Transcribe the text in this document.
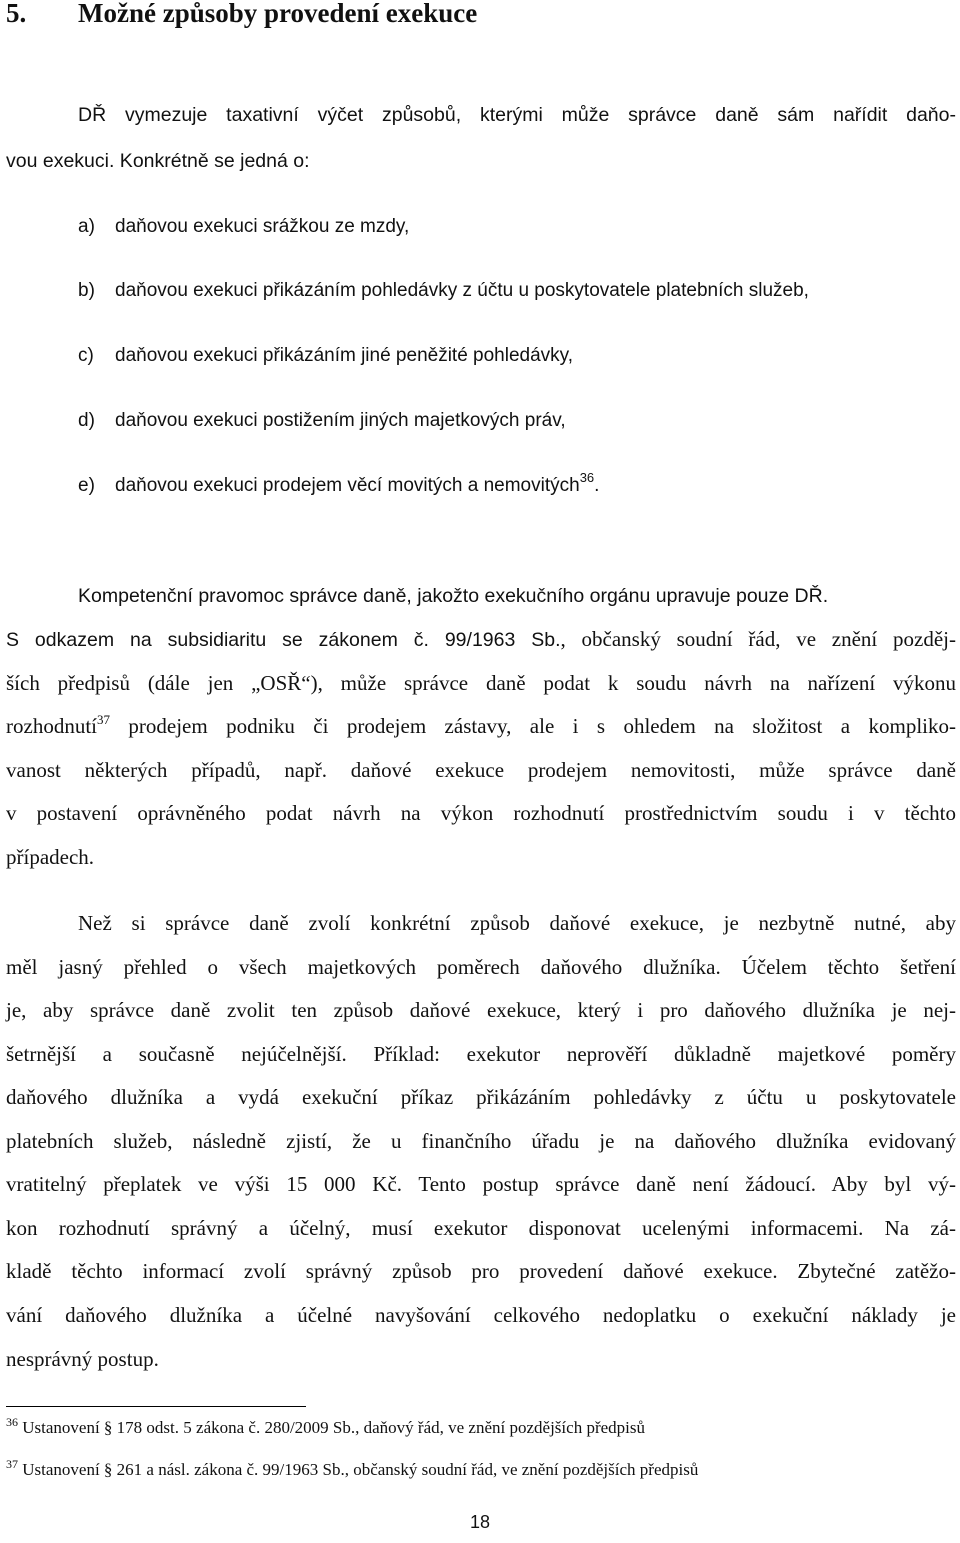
5. Možné způsoby provedení exekuce
DŘ vymezuje taxativní výčet způsobů, kterými může správce daně sám nařídit daňo-
vou exekuci. Konkrétně se jedná o:
a) daňovou exekuci srážkou ze mzdy,
b) daňovou exekuci přikázáním pohledávky z účtu u poskytovatele platebních služeb,
c) daňovou exekuci přikázáním jiné peněžité pohledávky,
d) daňovou exekuci postižením jiných majetkových práv,
e) daňovou exekuci prodejem věcí movitých a nemovitých$^{36}$.
Kompetenční pravomoc správce daně, jakožto exekučního orgánu upravuje pouze DŘ.
S odkazem na subsidiaritu se zákonem č. 99/1963 Sb., občanský soudní řád, ve znění pozděj-
ších předpisů (dále jen „OSŘ“), může správce daně podat k soudu návrh na nařízení výkonu
rozhodnutí$^{37}$ prodejem podniku či prodejem zástavy, ale i s ohledem na složitost a kompliko-
vanost některých případů, např. daňové exekuce prodejem nemovitosti, může správce daně
v postavení oprávněného podat návrh na výkon rozhodnutí prostřednictvím soudu i v těchto
případech.
Než si správce daně zvolí konkrétní způsob daňové exekuce, je nezbytně nutné, aby
měl jasný přehled o všech majetkových poměrech daňového dlužníka. Účelem těchto šetření
je, aby správce daně zvolit ten způsob daňové exekuce, který i pro daňového dlužníka je nej-
šetrnější a současně nejúčelnější. Příklad: exekutor neprověří důkladně majetkové poměry
daňového dlužníka a vydá exekuční příkaz přikázáním pohledávky z účtu u poskytovatele
platebních služeb, následně zjistí, že u finančního úřadu je na daňového dlužníka evidovaný
vratitelný přeplatek ve výši 15 000 Kč. Tento postup správce daně není žádoucí. Aby byl vý-
kon rozhodnutí správný a účelný, musí exekutor disponovat ucelenými informacemi. Na zá-
kladě těchto informací zvolí správný způsob pro provedení daňové exekuce. Zbytečné zatěžo-
vání daňového dlužníka a účelné navyšování celkového nedoplatku o exekuční náklady je
nesprávný postup.
$^{36}$ Ustanovení § 178 odst. 5 zákona č. 280/2009 Sb., daňový řád, ve znění pozdějších předpisů
$^{37}$ Ustanovení § 261 a násl. zákona č. 99/1963 Sb., občanský soudní řád, ve znění pozdějších předpisů
18
